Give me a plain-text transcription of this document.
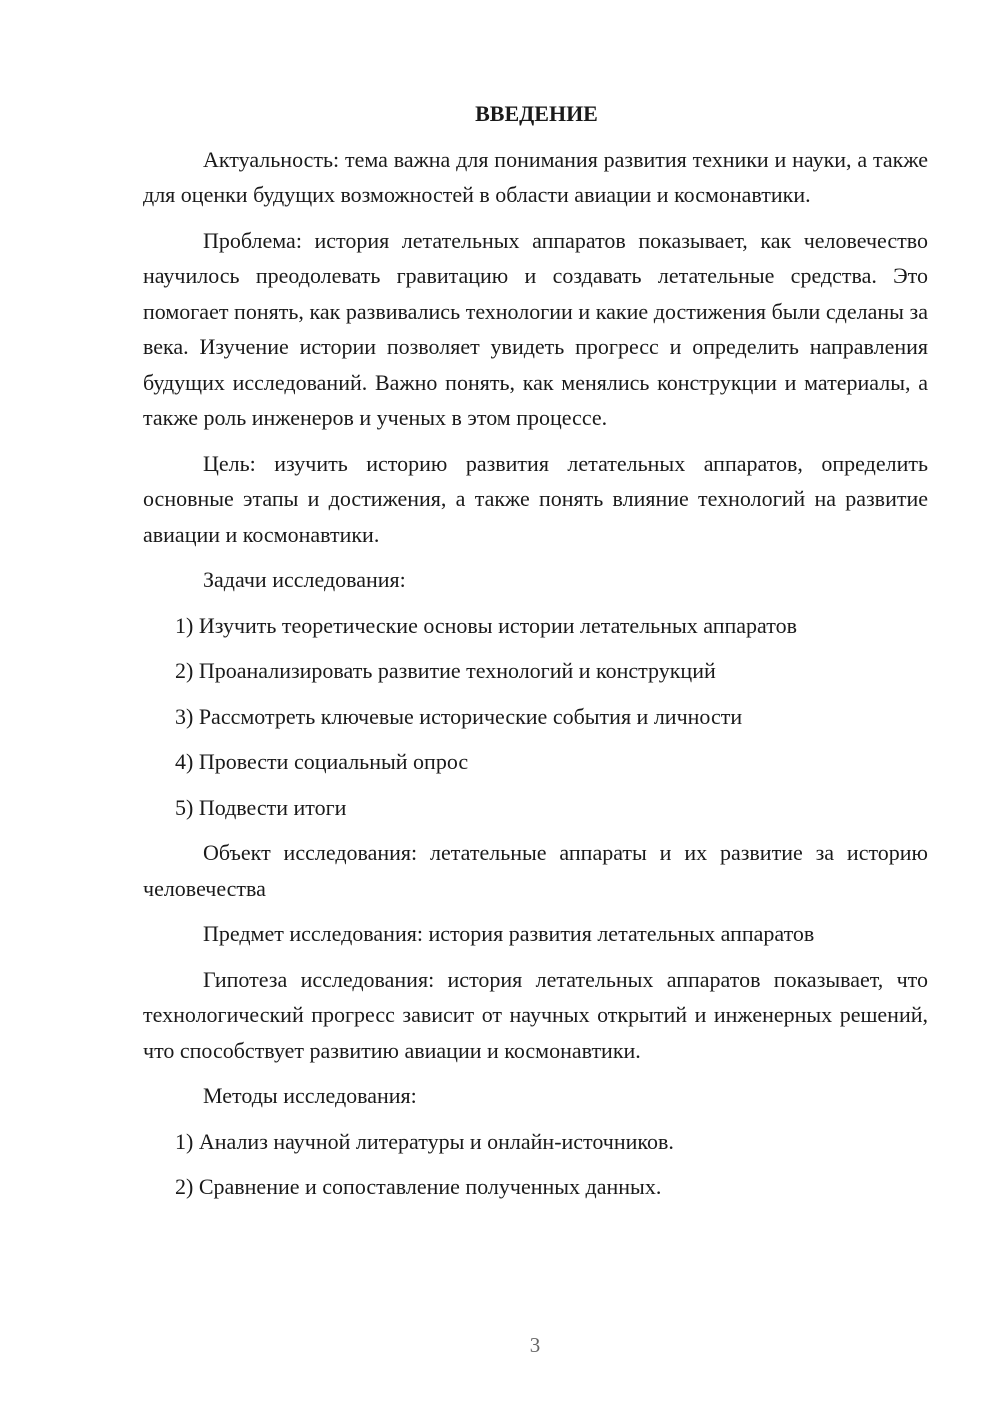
ВВЕДЕНИЕ

Актуальность: тема важна для понимания развития техники и науки, а также для оценки будущих возможностей в области авиации и космонавтики.

Проблема: история летательных аппаратов показывает, как человечество научилось преодолевать гравитацию и создавать летательные средства. Это помогает понять, как развивались технологии и какие достижения были сделаны за века. Изучение истории позволяет увидеть прогресс и определить направления будущих исследований. Важно понять, как менялись конструкции и материалы, а также роль инженеров и ученых в этом процессе.

Цель: изучить историю развития летательных аппаратов, определить основные этапы и достижения, а также понять влияние технологий на развитие авиации и космонавтики.

Задачи исследования:

1) Изучить теоретические основы истории летательных аппаратов
2) Проанализировать развитие технологий и конструкций
3) Рассмотреть ключевые исторические события и личности
4) Провести социальный опрос
5) Подвести итоги

Объект исследования: летательные аппараты и их развитие за историю человечества

Предмет исследования: история развития летательных аппаратов

Гипотеза исследования: история летательных аппаратов показывает, что технологический прогресс зависит от научных открытий и инженерных решений, что способствует развитию авиации и космонавтики.

Методы исследования:

1) Анализ научной литературы и онлайн-источников.
2) Сравнение и сопоставление полученных данных.
3
